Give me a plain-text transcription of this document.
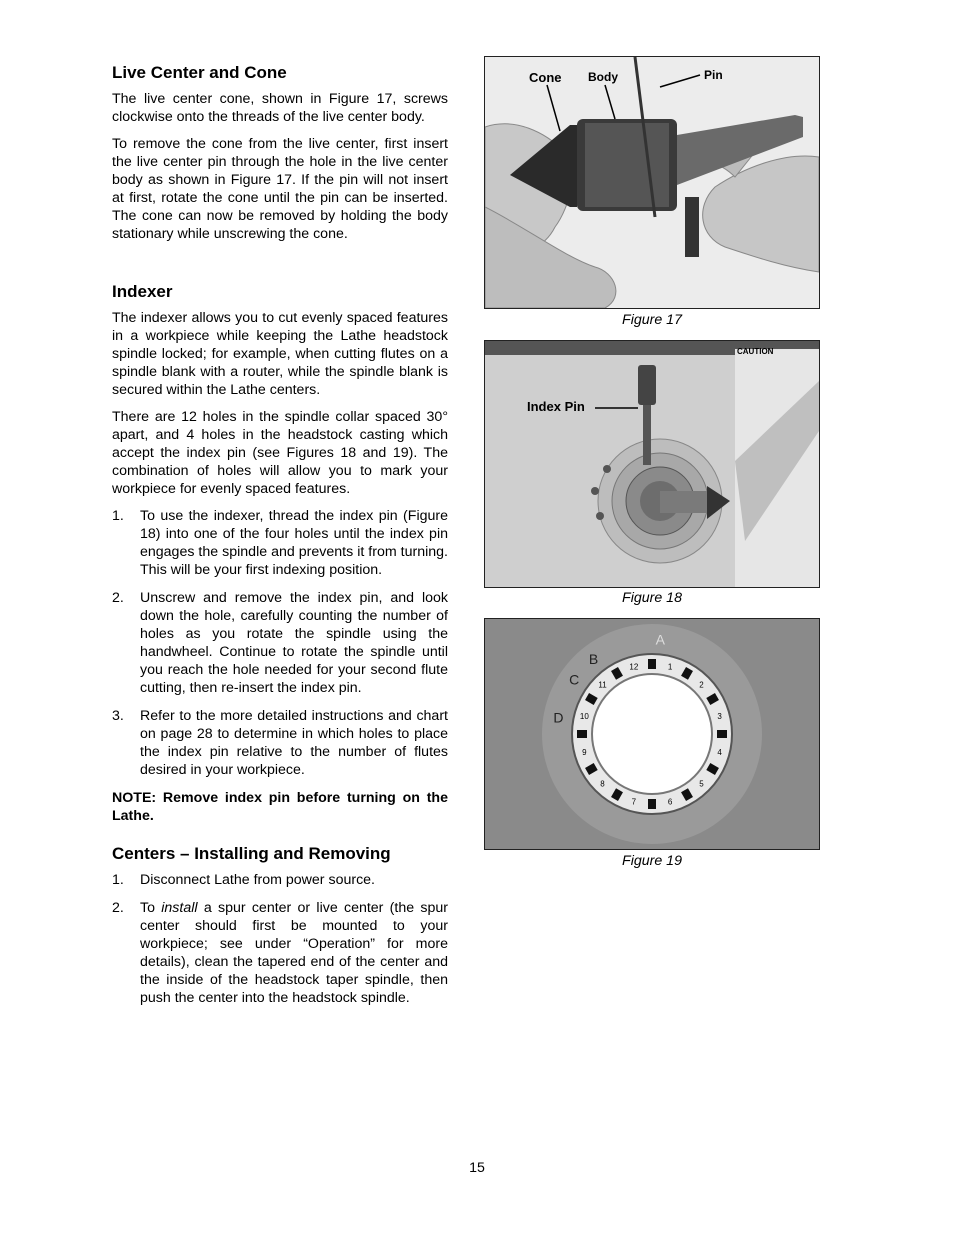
Live Center and Cone

The live center cone, shown in Figure 17, screws clockwise onto the threads of the live center body.

To remove the cone from the live center, first insert the live center pin through the hole in the live center body as shown in Figure 17. If the pin will not insert at first, rotate the cone until the pin can be inserted. The cone can now be removed by holding the body stationary while unscrewing the cone.

Indexer

The indexer allows you to cut evenly spaced features in a workpiece while keeping the Lathe headstock spindle locked; for example, when cutting flutes on a spindle blank with a router, while the spindle blank is secured within the Lathe centers.

There are 12 holes in the spindle collar spaced 30° apart, and 4 holes in the headstock casting which accept the index pin (see Figures 18 and 19). The combination of holes will allow you to mark your workpiece for evenly spaced features.

1.	To use the indexer, thread the index pin (Figure 18) into one of the four holes until the index pin engages the spindle and prevents it from turning. This will be your first indexing position.
2.	Unscrew and remove the index pin, and look down the hole, carefully counting the number of holes as you rotate the spindle using the handwheel. Continue to rotate the spindle until you reach the hole needed for your second flute cutting, then re-insert the index pin.
3.	Refer to the more detailed instructions and chart on page 28 to determine in which holes to place the index pin relative to the number of flutes desired in your workpiece.

NOTE: Remove index pin before turning on the Lathe.

Centers – Installing and Removing
1.	Disconnect Lathe from power source.
2.	To install a spur center or live center (the spur center should first be mounted to your workpiece; see under “Operation” for more details), clean the tapered end of the center and the inside of the headstock taper spindle, then push the center into the headstock spindle.
Cone Body	Pin
Figure 17
CAUTION
Index Pin
Figure 18
1
2
3
4
5
6
7
8
9
10
11
12
A
B
C
D
Figure 19
15
